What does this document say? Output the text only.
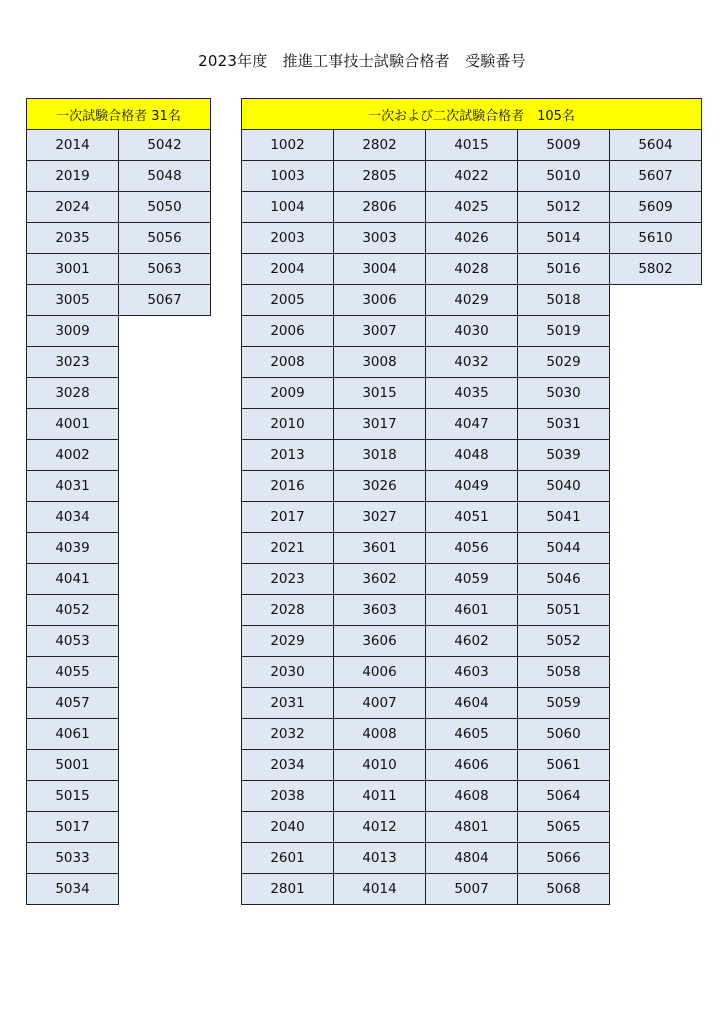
2023年度　推進工事技士試験合格者　受験番号
一次試験合格者 31名	
2014	5042
2019	5048
2024	5050
2035	5056
3001	5063
3005	5067
3009	
3023	
3028	
4001	
4002	
4031	
4034	
4039	
4041	
4052	
4053	
4055	
4057	
4061	
5001	
5015	
5017	
5033	
5034	
一次および二次試験合格者　105名				
1002	2802	4015	5009	5604
1003	2805	4022	5010	5607
1004	2806	4025	5012	5609
2003	3003	4026	5014	5610
2004	3004	4028	5016	5802
2005	3006	4029	5018	
2006	3007	4030	5019	
2008	3008	4032	5029	
2009	3015	4035	5030	
2010	3017	4047	5031	
2013	3018	4048	5039	
2016	3026	4049	5040	
2017	3027	4051	5041	
2021	3601	4056	5044	
2023	3602	4059	5046	
2028	3603	4601	5051	
2029	3606	4602	5052	
2030	4006	4603	5058	
2031	4007	4604	5059	
2032	4008	4605	5060	
2034	4010	4606	5061	
2038	4011	4608	5064	
2040	4012	4801	5065	
2601	4013	4804	5066	
2801	4014	5007	5068	
